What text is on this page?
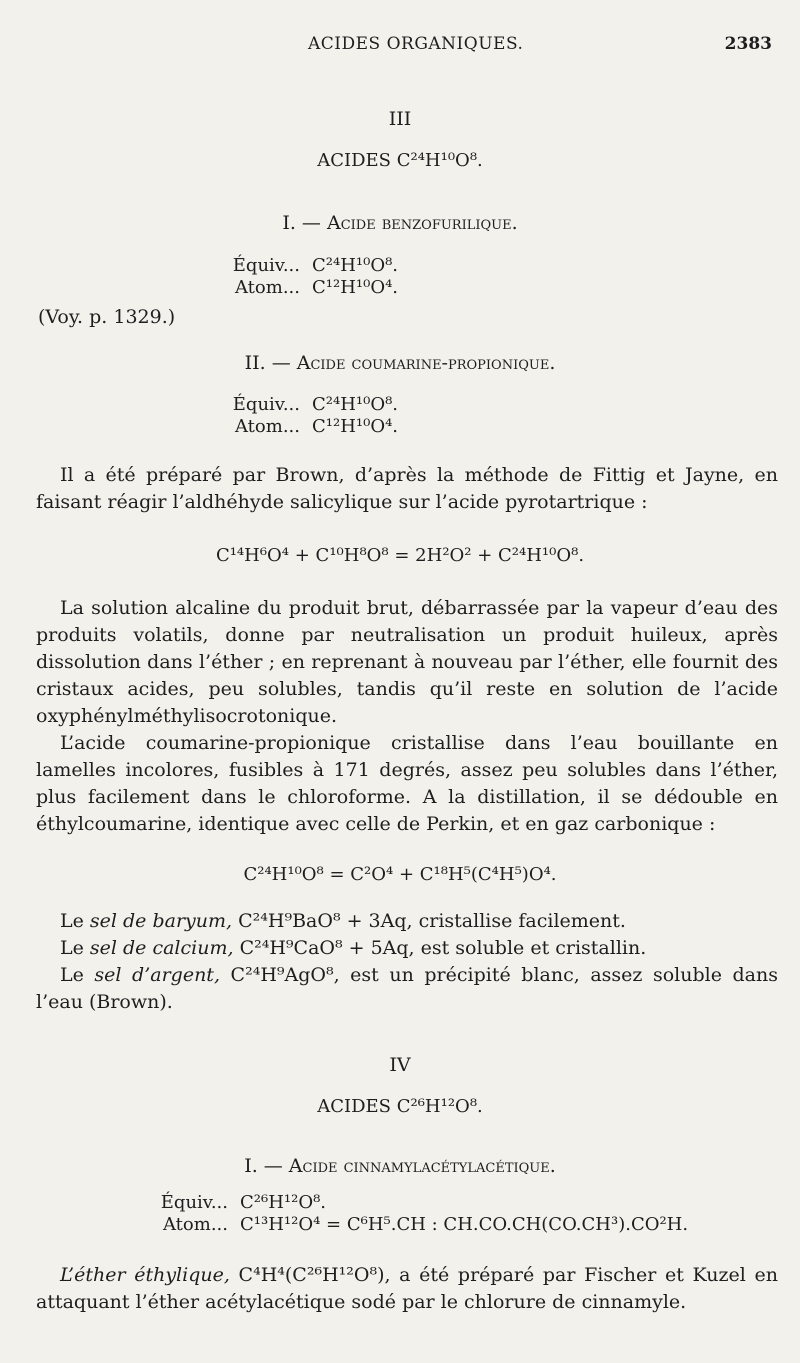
ACIDES ORGANIQUES.	2383
III
ACIDES C²⁴H¹⁰O⁸.
I. — Acide benzofurilique.
Équiv... C²⁴H¹⁰O⁸.
Atom... C¹²H¹⁰O⁴.
(Voy. p. 1329.)
II. — Acide coumarine-propionique.
Équiv... C²⁴H¹⁰O⁸.
Atom... C¹²H¹⁰O⁴.

Il a été préparé par Brown, d’après la méthode de Fittig et Jayne, en faisant réagir l’aldhéhyde salicylique sur l’acide pyrotartrique :

C¹⁴H⁶O⁴ + C¹⁰H⁸O⁸ = 2H²O² + C²⁴H¹⁰O⁸.

La solution alcaline du produit brut, débarrassée par la vapeur d’eau des produits volatils, donne par neutralisation un produit huileux, après dissolution dans l’éther ; en reprenant à nouveau par l’éther, elle fournit des cristaux acides, peu solubles, tandis qu’il reste en solution de l’acide oxyphénylméthylisocrotonique.

L’acide coumarine-propionique cristallise dans l’eau bouillante en lamelles incolores, fusibles à 171 degrés, assez peu solubles dans l’éther, plus facilement dans le chloroforme. A la distillation, il se dédouble en éthylcoumarine, identique avec celle de Perkin, et en gaz carbonique :

C²⁴H¹⁰O⁸ = C²O⁴ + C¹⁸H⁵(C⁴H⁵)O⁴.

Le sel de baryum, C²⁴H⁹BaO⁸ + 3Aq, cristallise facilement.

Le sel de calcium, C²⁴H⁹CaO⁸ + 5Aq, est soluble et cristallin.

Le sel d’argent, C²⁴H⁹AgO⁸, est un précipité blanc, assez soluble dans l’eau (Brown).

IV
ACIDES C²⁶H¹²O⁸.
I. — Acide cinnamylacétylacétique.
Équiv... C²⁶H¹²O⁸.
Atom... C¹³H¹²O⁴ = C⁶H⁵.CH : CH.CO.CH(CO.CH³).CO²H.

L’éther éthylique, C⁴H⁴(C²⁶H¹²O⁸), a été préparé par Fischer et Kuzel en attaquant l’éther acétylacétique sodé par le chlorure de cinnamyle.
